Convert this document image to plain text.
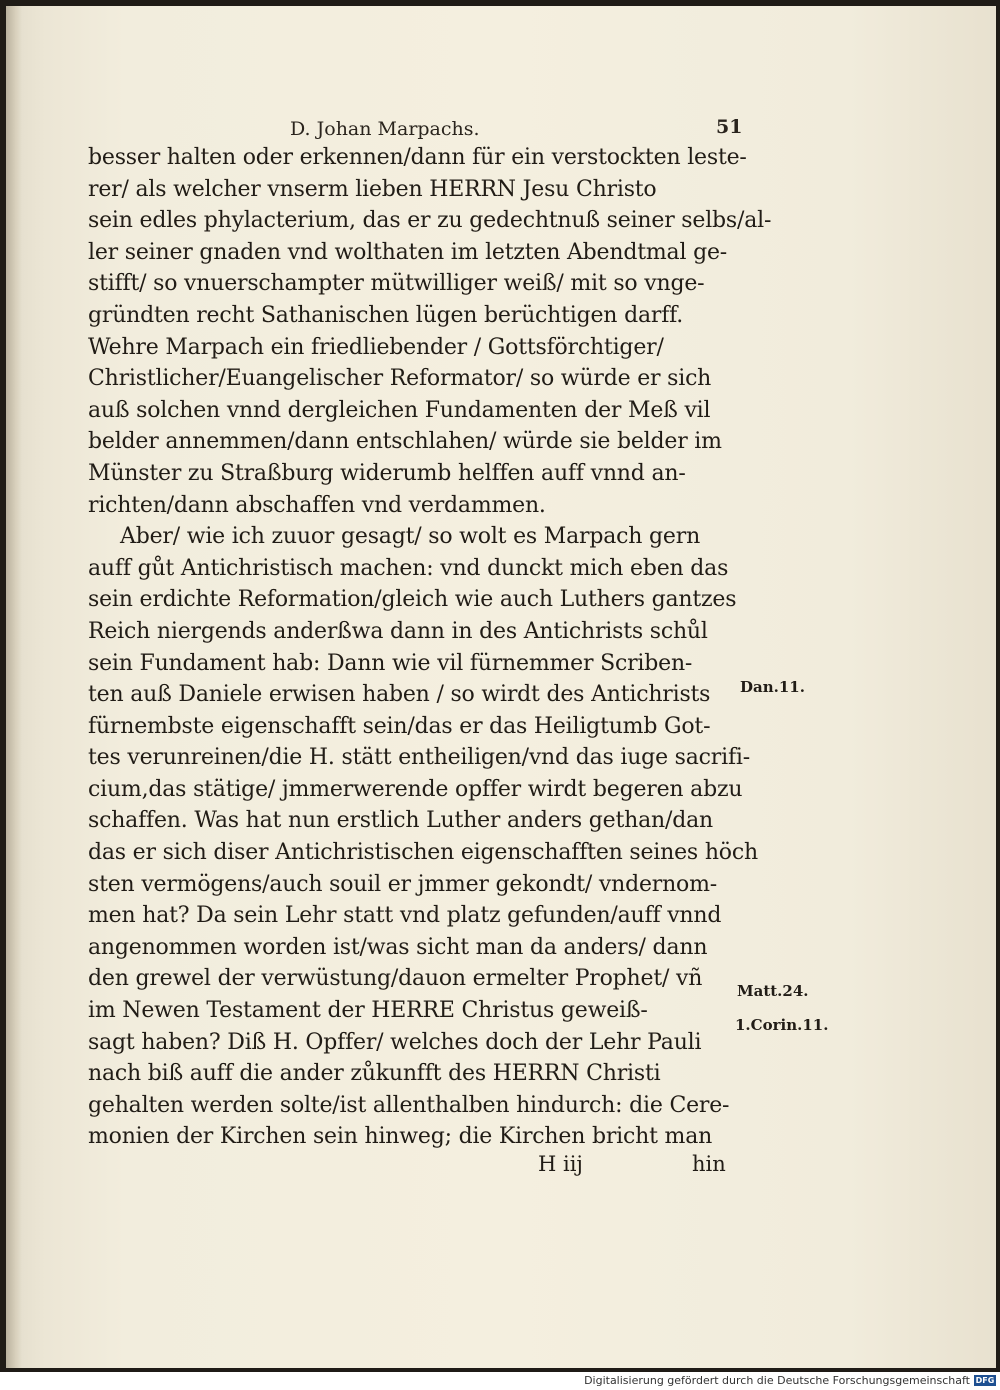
D. Johan Marpachs.	51
besser halten oder erkennen/dann für ein verstockten leste‑
rer/ als welcher vnserm lieben HERRN Jesu Christo
sein edles phylacterium, das er zu gedechtnuß seiner selbs/al‑
ler seiner gnaden vnd wolthaten im letzten Abendtmal ge‑
stifft/ so vnuerschampter mütwilliger weiß/ mit so vnge‑
gründten recht Sathanischen lügen berüchtigen darff.
Wehre Marpach ein friedliebender / Gottsförchtiger/
Christlicher/Euangelischer Reformator/ so würde er sich
auß solchen vnnd dergleichen Fundamenten der Meß vil
belder annemmen/dann entschlahen/ würde sie belder im
Münster zu Straßburg widerumb helffen auff vnnd an‑
richten/dann abschaffen vnd verdammen.
Aber/ wie ich zuuor gesagt/ so wolt es Marpach gern
auff gůt Antichristisch machen: vnd dunckt mich eben das
sein erdichte Reformation/gleich wie auch Luthers gantzes
Reich niergends anderßwa dann in des Antichrists schůl
sein Fundament hab: Dann wie vil fürnemmer Scriben‑
ten auß Daniele erwisen haben / so wirdt des Antichrists
fürnembste eigenschafft sein/das er das Heiligtumb Got‑
tes verunreinen/die H. stätt entheiligen/vnd das iuge sacrifi‑
cium,das stätige/ jmmerwerende opffer wirdt begeren abzu
schaffen. Was hat nun erstlich Luther anders gethan/dan
das er sich diser Antichristischen eigenschafften seines höch
sten vermögens/auch souil er jmmer gekondt/ vndernom‑
men hat? Da sein Lehr statt vnd platz gefunden/auff vnnd
angenommen worden ist/was sicht man da anders/ dann
den grewel der verwüstung/dauon ermelter Prophet/ vñ
im Newen Testament der HERRE Christus geweiß‑
sagt haben? Diß H. Opffer/ welches doch der Lehr Pauli
nach biß auff die ander zůkunfft des HERRN Christi
gehalten werden solte/ist allenthalben hindurch: die Cere‑
monien der Kirchen sein hinweg; die Kirchen bricht man
Dan.11.
Matt.24.
1.Corin.11.
H iij	hin
Digitalisierung gefördert durch die Deutsche Forschungsgemeinschaft DFG
